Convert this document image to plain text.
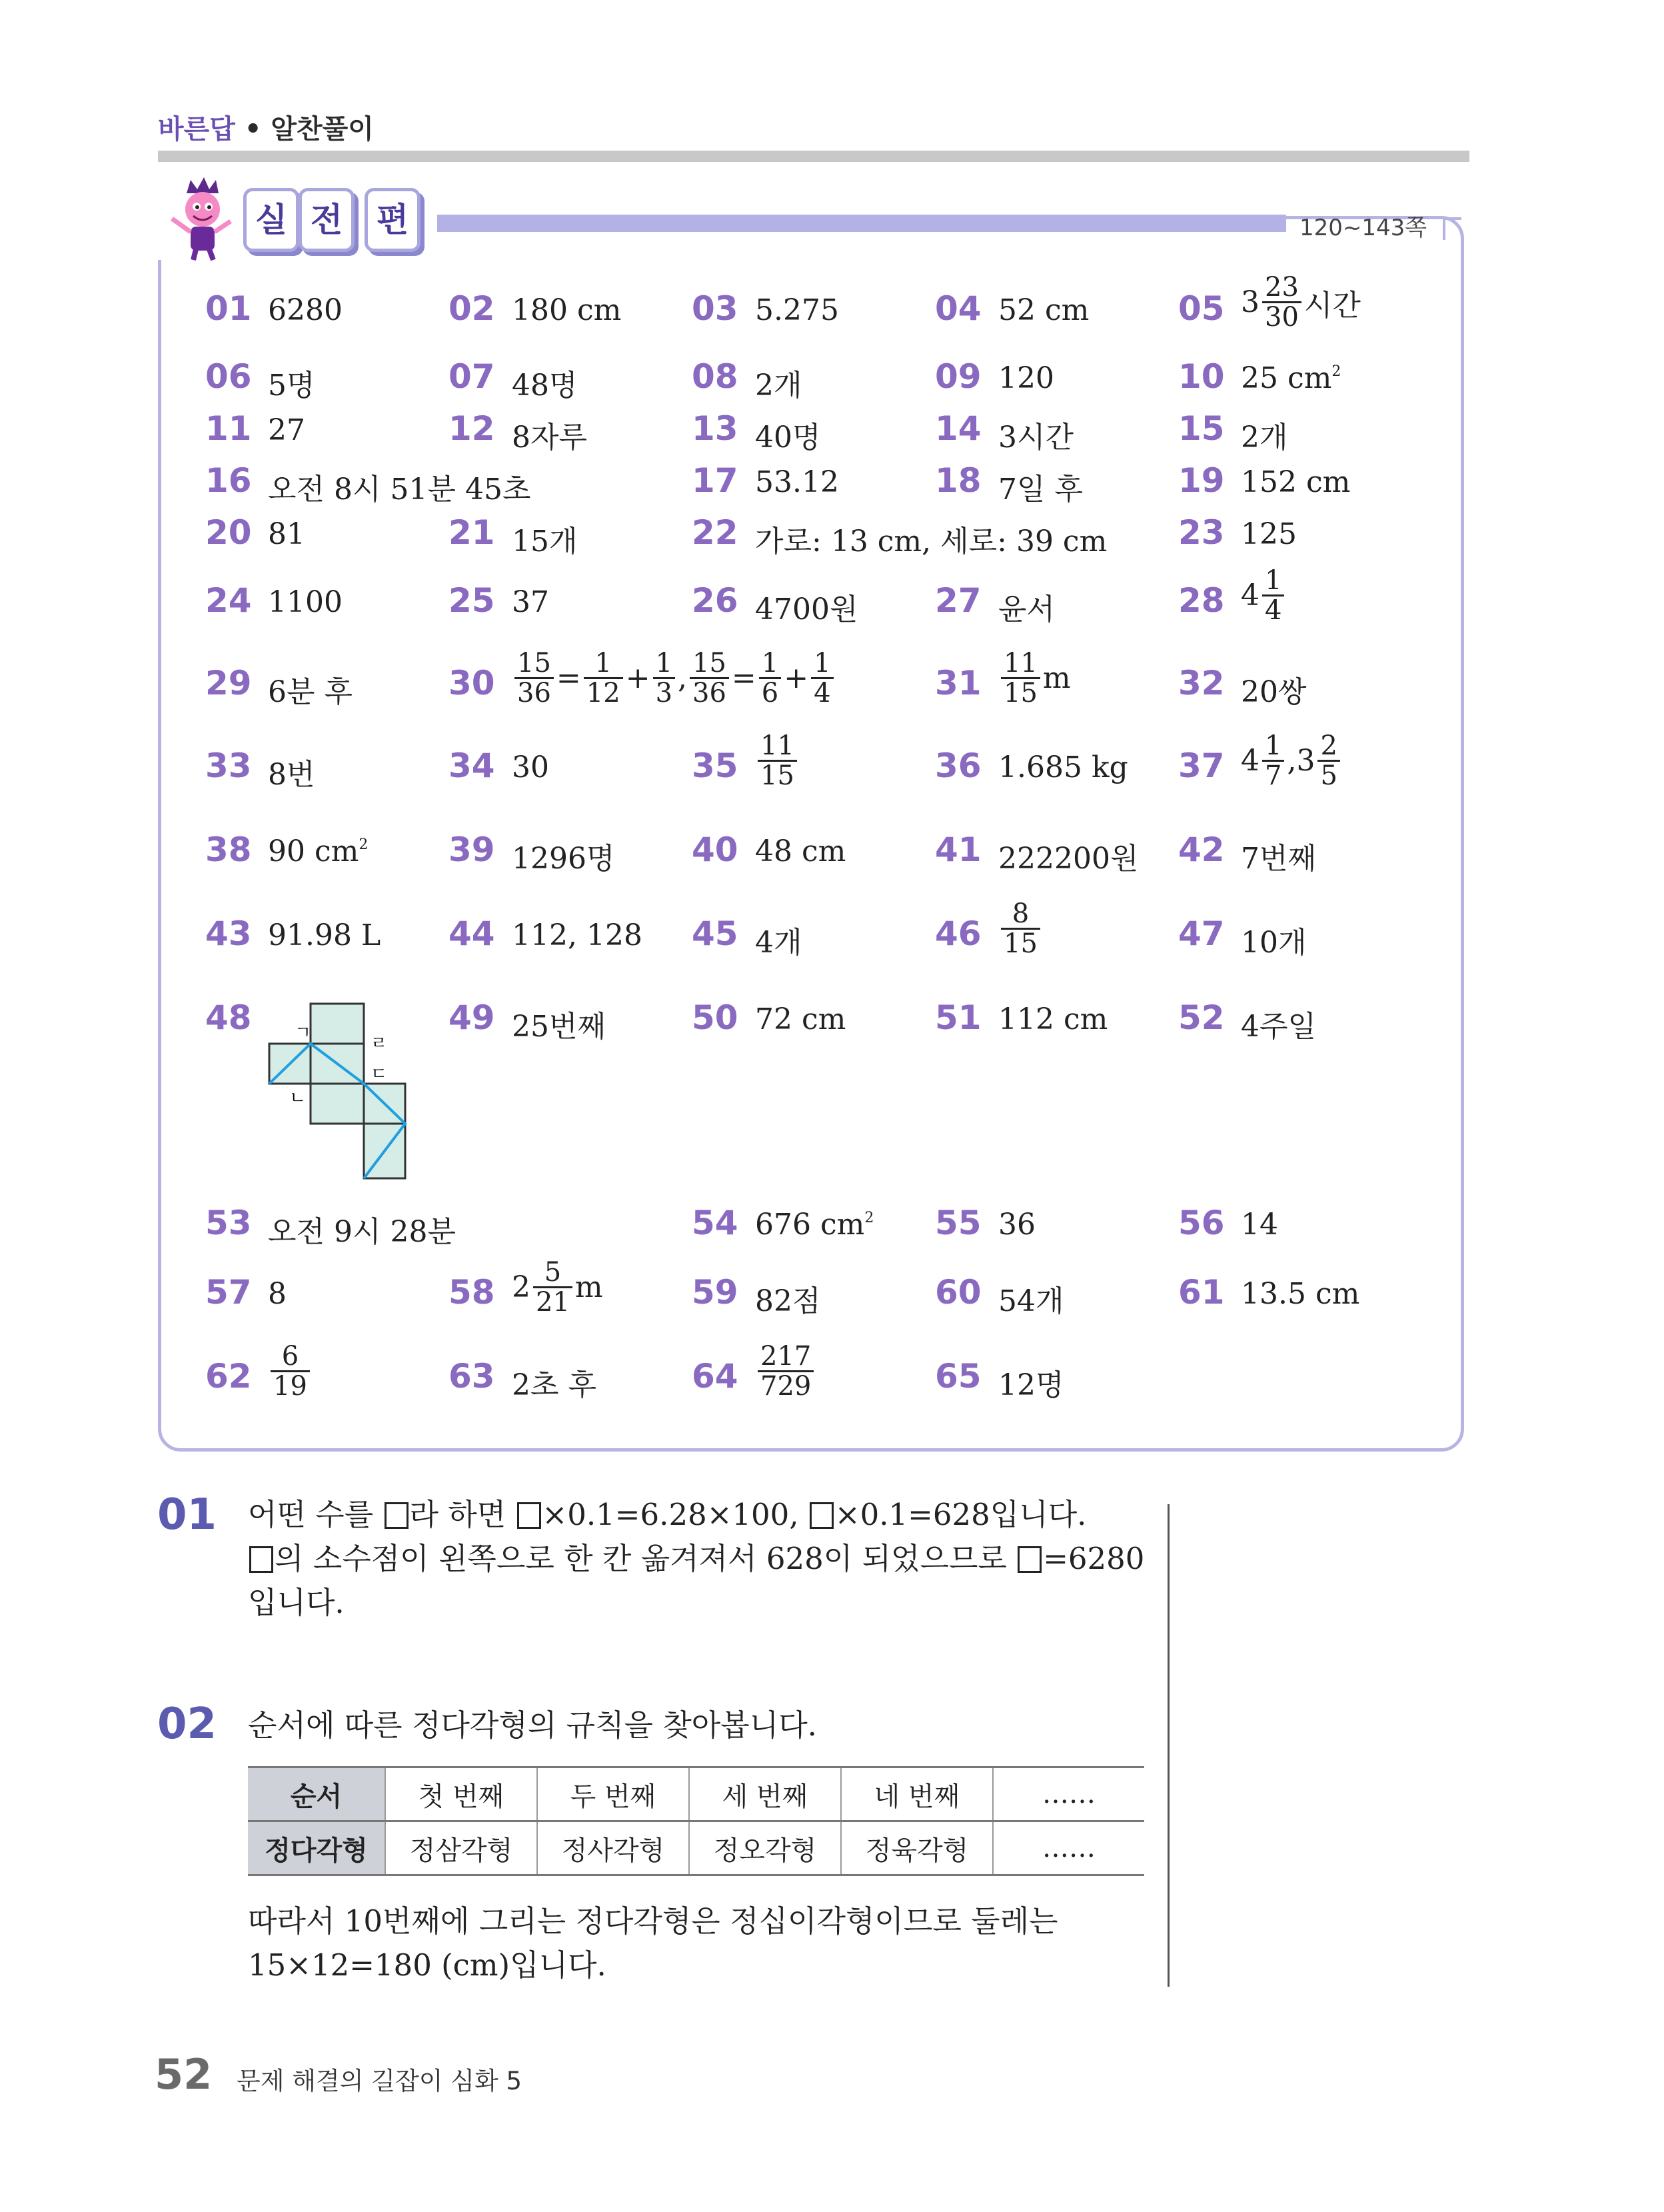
바른답 • 알찬풀이
120~143쪽
실 전	편
01 6280	02 180 cm 03 5.275	04 52 cm	05 $3 \frac{23}{30}$ 시간
06 5명	07 48명	08 2개	09 120	10 25 $cm^2$
11 27	12 8자루	13 40명	14 3시간	15 2개
16 오전 8시 51분 45초	17 53.12	18 7일 후	19 152 cm
20 81	21 15개	22 가로: 13 cm, 세로: 39 cm 23 125
24 1100	25 37	26 4700원 27 윤서	28 $4 \frac{1}{4}$
29 6분 후	$30 \frac{15}{36} = \frac{1}{12} + \frac{1}{3}$ , $\frac{15}{36} = \frac{1}{6} + \frac{1}{4}$	$31 \frac{11}{15}$ m	32 20쌍
33 8번	34 30	$35 \frac{11}{15}$	36 1.685 kg 37 $4 \frac{1}{7}$ , $3 \frac{2}{5}$
38 90 $cm^2$ 39 1296명 40 48 cm	41 222200원 42 7번째
43 91.98 L 44 112, 128 45 4개	$46 \frac{8}{15}$	47 10개
48 ㄱ
ㄹ
ㄷ
ㄴ
49 25번째	50 72 cm	51 112 cm 52 4주일
53 오전 9시 28분	54 676 $cm^2$ 55 36	56 14
57 8	58 $2 \frac{5}{21}$ m	59 82점	60 54개	61 13.5 cm
$62 \frac{6}{19}$	63 2초 후	$64 \frac{217}{729}$	65 12명
01 어떤 수를 라 하면 ×0.1=6.28×100, ×0.1=628입니다.
의 소수점이 왼쪽으로 한 칸 옮겨져서 628이 되었으므로 =6280
입니다.
02 순서에 따른 정다각형의 규칙을 찾아봅니다.
순서	첫 번째	두 번째	세 번째	네 번째	……
정다각형	정삼각형	정사각형	정오각형	정육각형	……
따라서 10번째에 그리는 정다각형은 정십이각형이므로 둘레는
15×12=180 (cm)입니다.
52 문제 해결의 길잡이 심화 5
